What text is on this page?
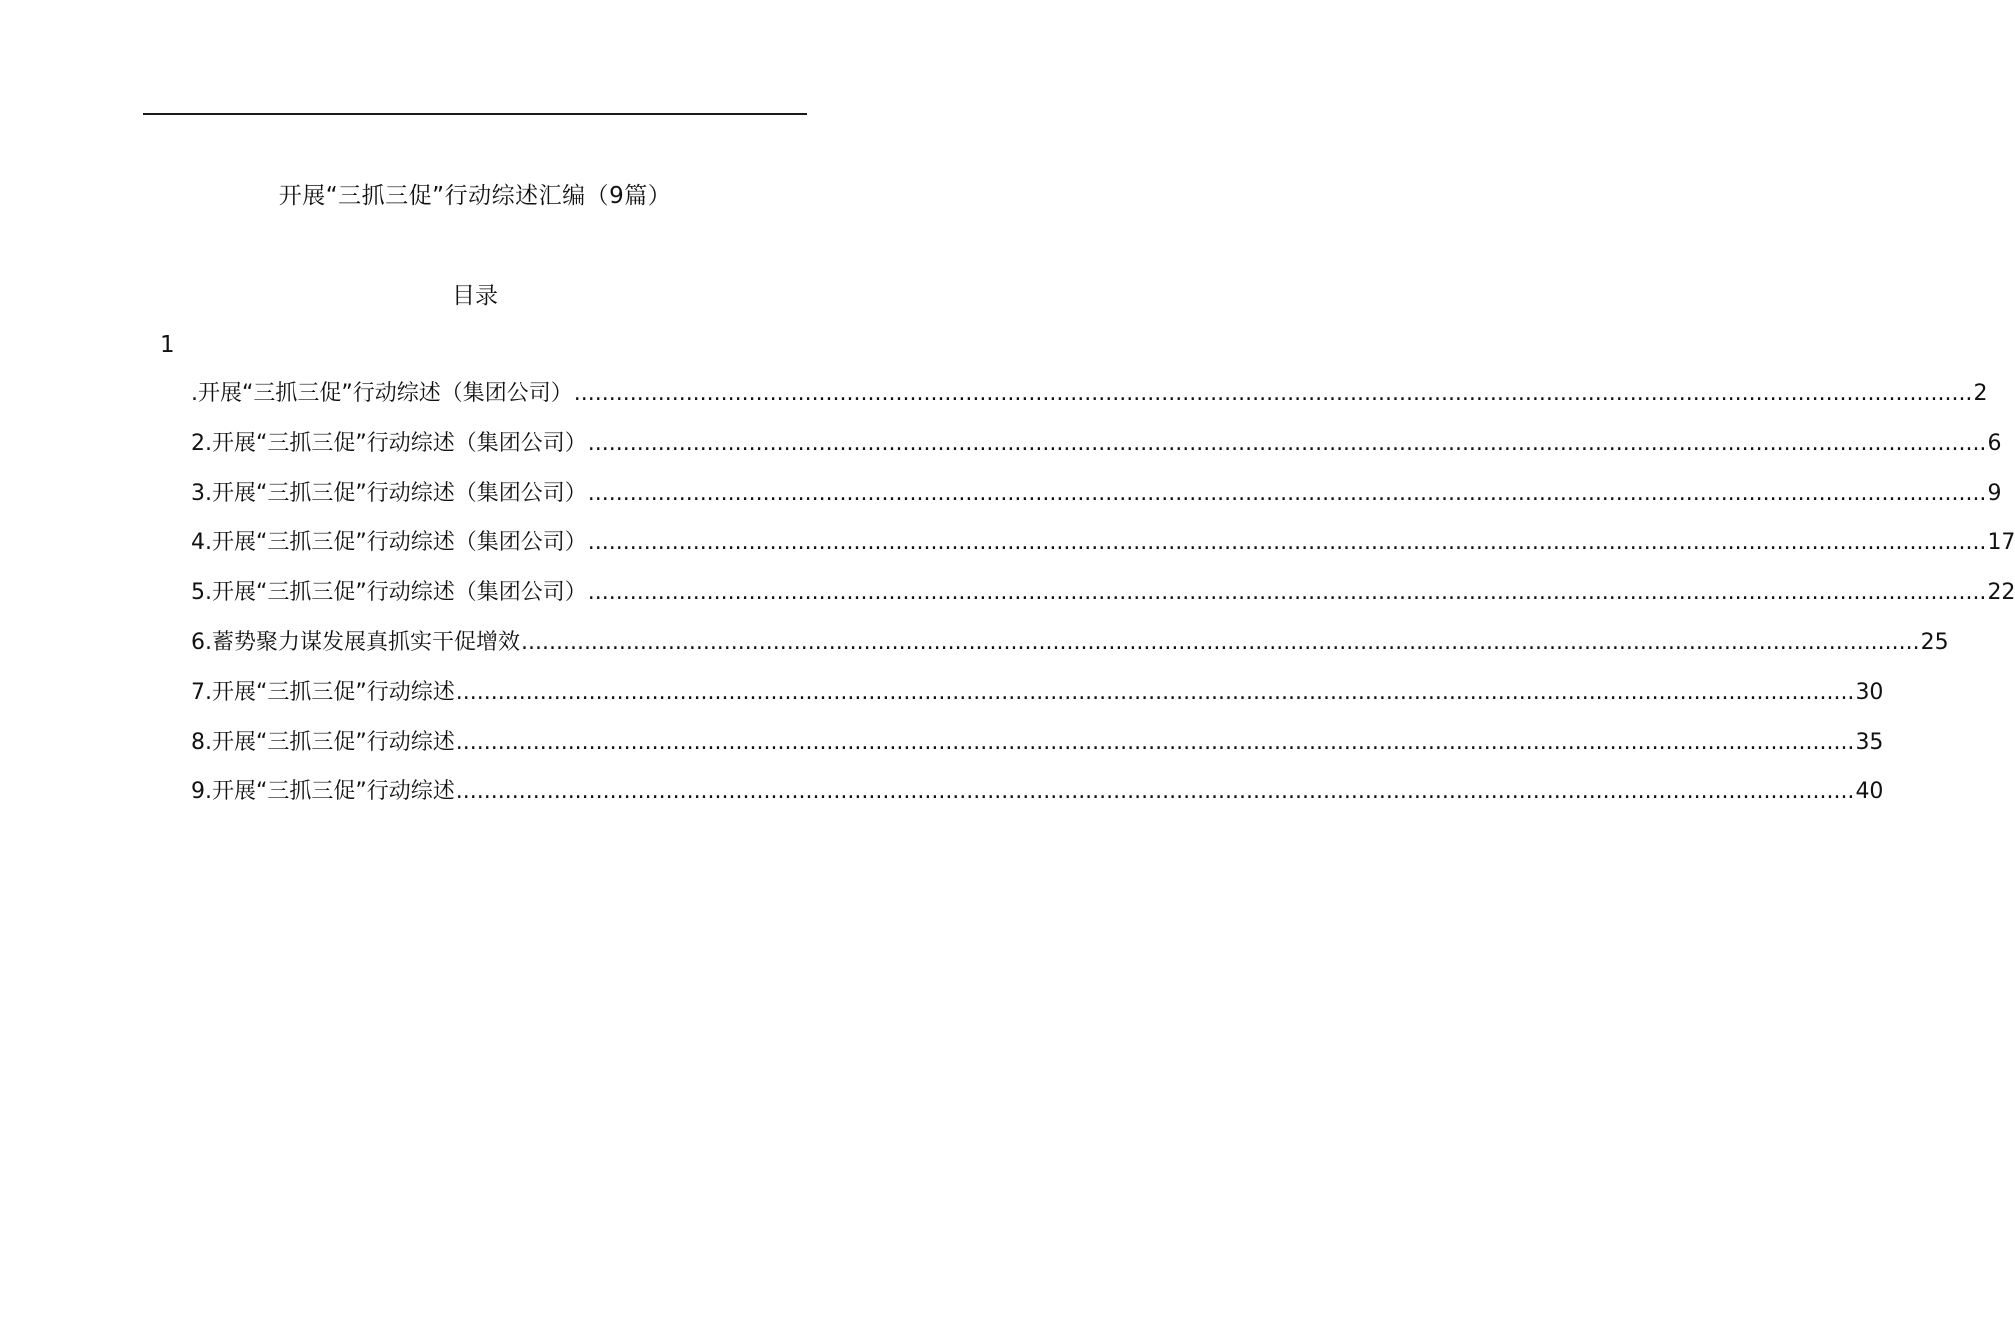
开展“三抓三促”行动综述汇编（9篇）
目录
1
.开展“三抓三促”行动综述（集团公司） ........................................................................................................................................................................................................ 2
2.开展“三抓三促”行动综述（集团公司） ........................................................................................................................................................................................................ 6
3.开展“三抓三促”行动综述（集团公司） ........................................................................................................................................................................................................ 9
4.开展“三抓三促”行动综述（集团公司） ........................................................................................................................................................................................................ 17
5.开展“三抓三促”行动综述（集团公司） ........................................................................................................................................................................................................ 22
6.蓄势聚力谋发展真抓实干促增效 ........................................................................................................................................................................................................ 25
7.开展“三抓三促”行动综述 ........................................................................................................................................................................................................ 30
8.开展“三抓三促”行动综述 ........................................................................................................................................................................................................ 35
9.开展“三抓三促”行动综述 ........................................................................................................................................................................................................ 40
